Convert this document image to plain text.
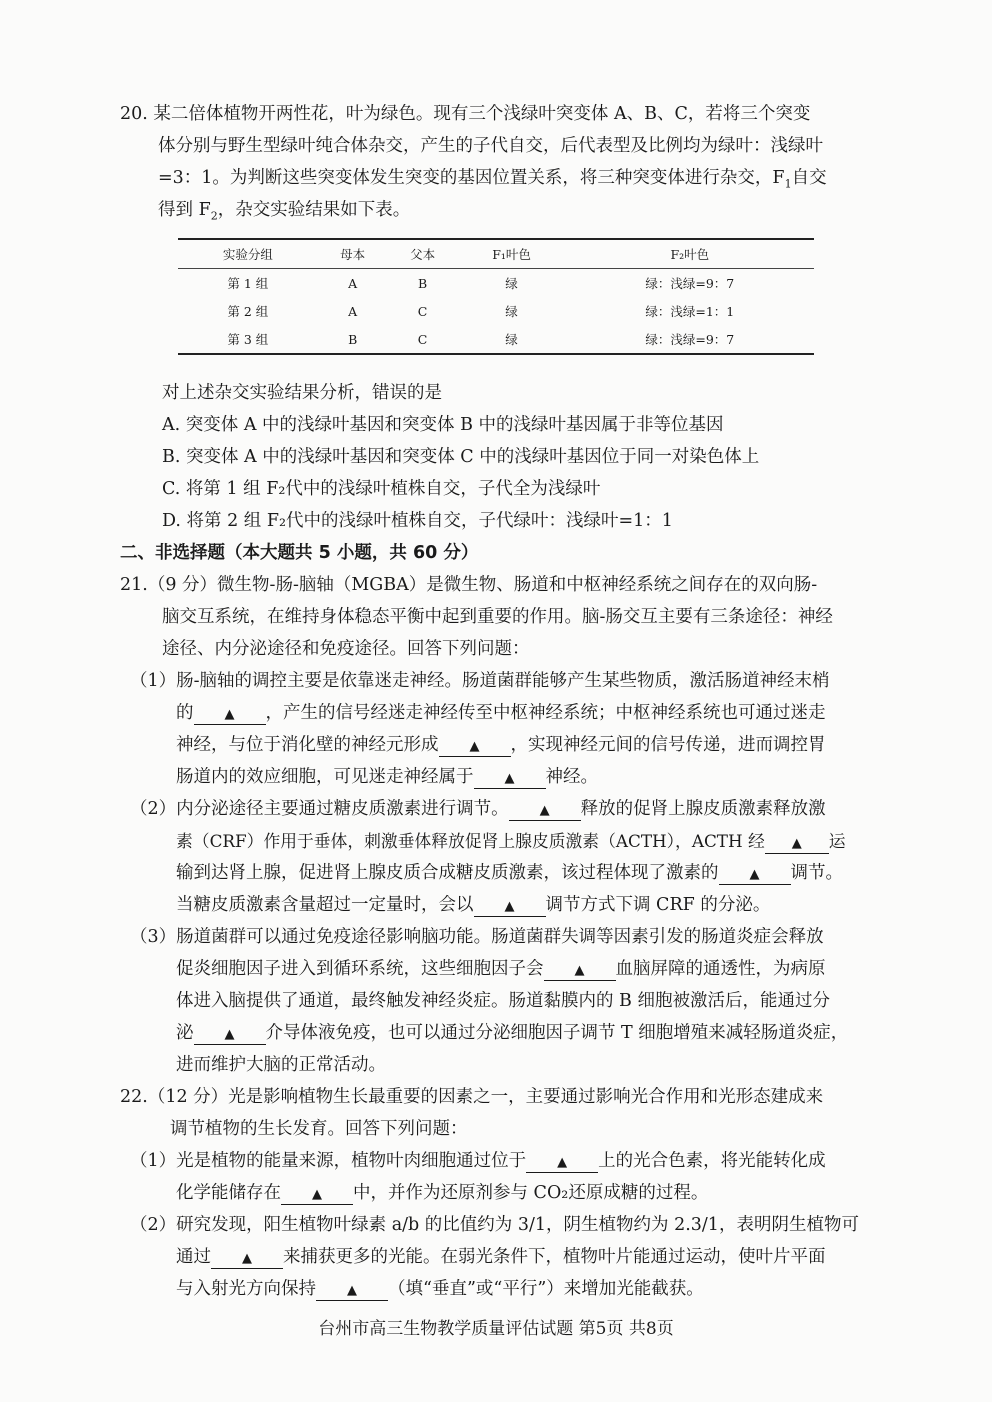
20. 某二倍体植物开两性花，叶为绿色。现有三个浅绿叶突变体 A、B、C，若将三个突变
体分别与野生型绿叶纯合体杂交，产生的子代自交，后代表型及比例均为绿叶：浅绿叶
=3：1。为判断这些突变体发生突变的基因位置关系，将三种突变体进行杂交，$F_1$自交
得到 $F_2$，杂交实验结果如下表。
实验分组	母本	父本	F₁叶色	F₂叶色
第 1 组	A	B	绿	绿：浅绿=9：7
第 2 组	A	C	绿	绿：浅绿=1：1
第 3 组	B	C	绿	绿：浅绿=9：7
对上述杂交实验结果分析，错误的是
A. 突变体 A 中的浅绿叶基因和突变体 B 中的浅绿叶基因属于非等位基因
B. 突变体 A 中的浅绿叶基因和突变体 C 中的浅绿叶基因位于同一对染色体上
C. 将第 1 组 F₂代中的浅绿叶植株自交，子代全为浅绿叶
D. 将第 2 组 F₂代中的浅绿叶植株自交，子代绿叶：浅绿叶=1：1
二、非选择题（本大题共 5 小题，共 60 分）
21.（9 分）微生物-肠-脑轴（MGBA）是微生物、肠道和中枢神经系统之间存在的双向肠-
脑交互系统，在维持身体稳态平衡中起到重要的作用。脑-肠交互主要有三条途径：神经
途径、内分泌途径和免疫途径。回答下列问题：
（1）肠-脑轴的调控主要是依靠迷走神经。肠道菌群能够产生某些物质，激活肠道神经末梢
的 ▲ ，产生的信号经迷走神经传至中枢神经系统；中枢神经系统也可通过迷走
神经，与位于消化壁的神经元形成 ▲ ，实现神经元间的信号传递，进而调控胃
肠道内的效应细胞，可见迷走神经属于 ▲ 神经。
（2）内分泌途径主要通过糖皮质激素进行调节。 ▲ 释放的促肾上腺皮质激素释放激
素（CRF）作用于垂体，刺激垂体释放促肾上腺皮质激素（ACTH），ACTH 经 ▲ 运
输到达肾上腺，促进肾上腺皮质合成糖皮质激素，该过程体现了激素的 ▲ 调节。
当糖皮质激素含量超过一定量时，会以 ▲ 调节方式下调 CRF 的分泌。
（3）肠道菌群可以通过免疫途径影响脑功能。肠道菌群失调等因素引发的肠道炎症会释放
促炎细胞因子进入到循环系统，这些细胞因子会 ▲ 血脑屏障的通透性，为病原
体进入脑提供了通道，最终触发神经炎症。肠道黏膜内的 B 细胞被激活后，能通过分
泌 ▲ 介导体液免疫，也可以通过分泌细胞因子调节 T 细胞增殖来减轻肠道炎症，
进而维护大脑的正常活动。
22.（12 分）光是影响植物生长最重要的因素之一，主要通过影响光合作用和光形态建成来
调节植物的生长发育。回答下列问题：
（1）光是植物的能量来源，植物叶肉细胞通过位于 ▲ 上的光合色素，将光能转化成
化学能储存在 ▲ 中，并作为还原剂参与 CO₂还原成糖的过程。
（2）研究发现，阳生植物叶绿素 a/b 的比值约为 3/1，阴生植物约为 2.3/1，表明阴生植物可
通过 ▲ 来捕获更多的光能。在弱光条件下，植物叶片能通过运动，使叶片平面
与入射光方向保持 ▲ （填“垂直”或“平行”）来增加光能截获。
台州市高三生物教学质量评估试题 第5页 共8页
